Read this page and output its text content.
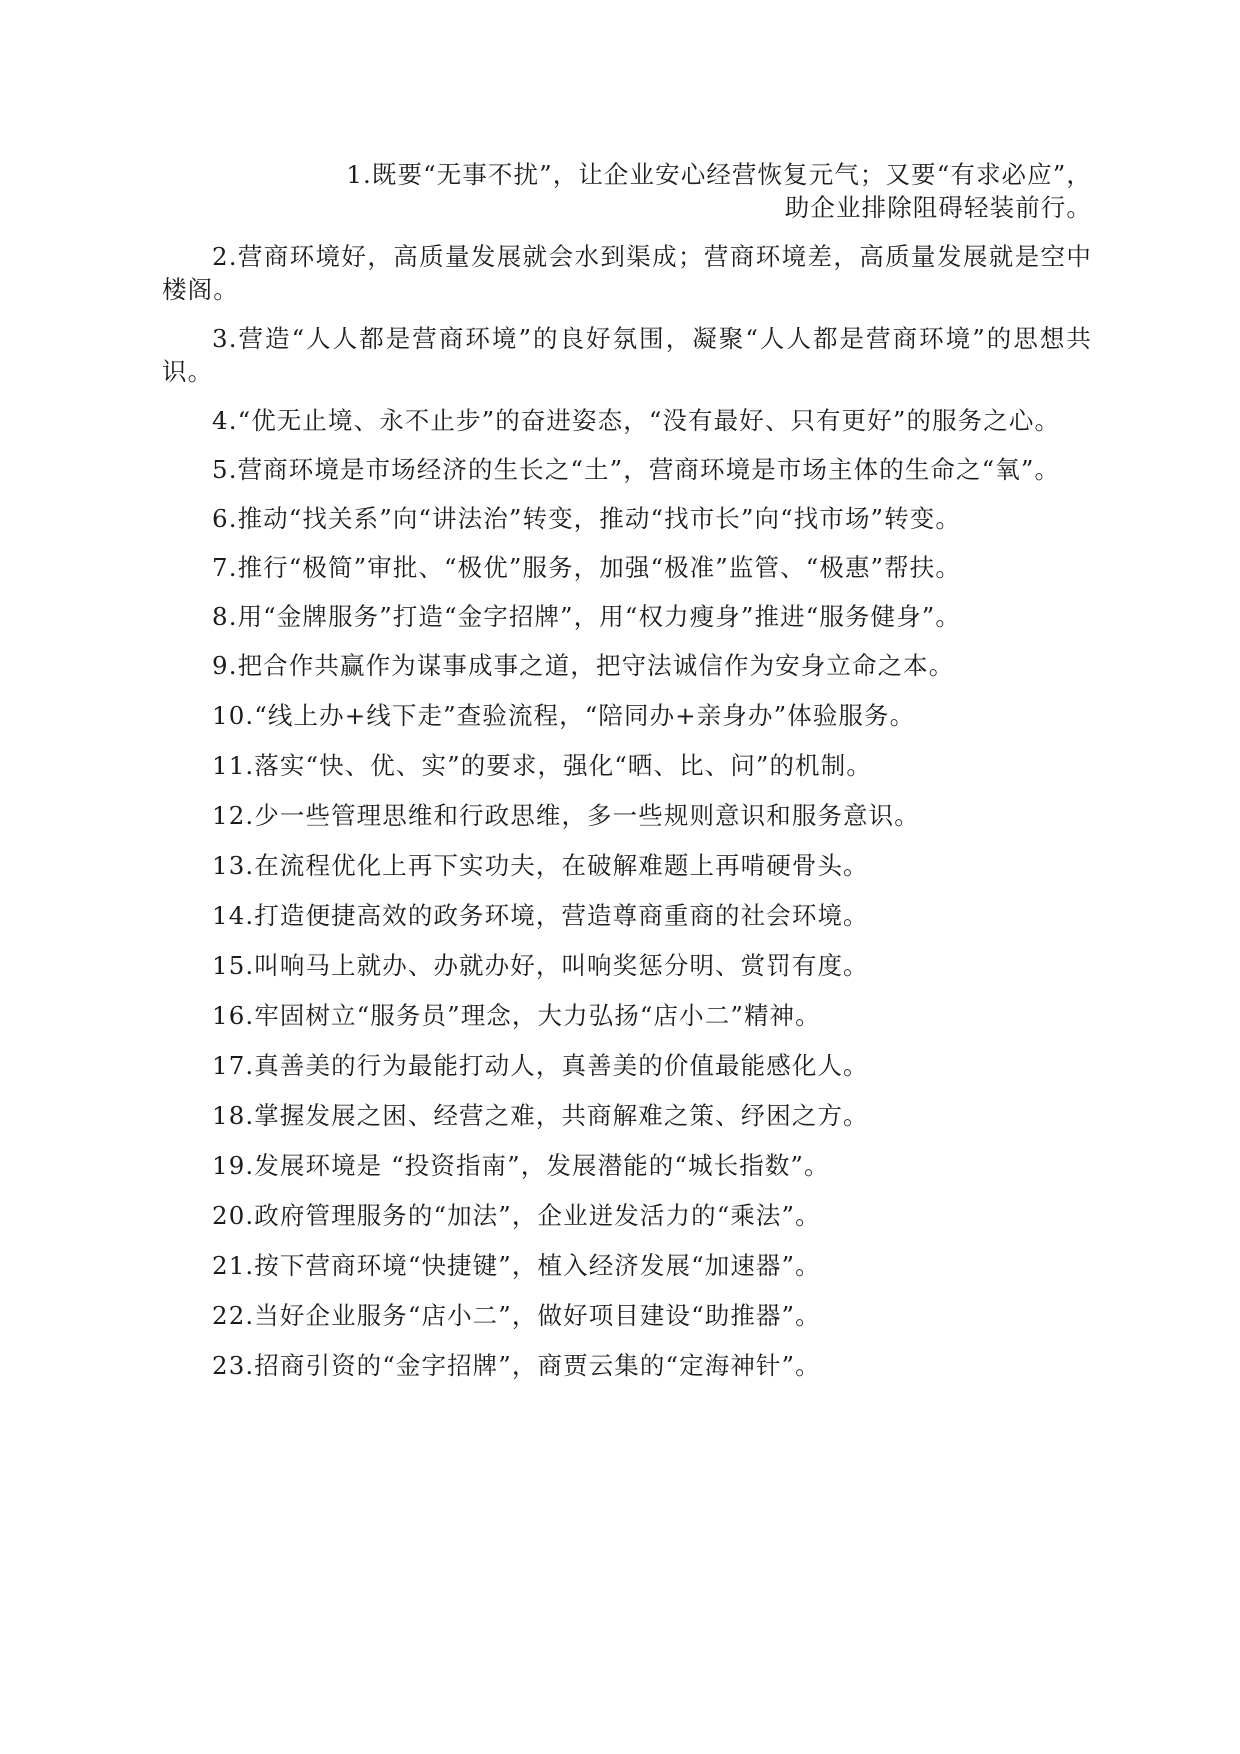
1.既要“无事不扰”，让企业安心经营恢复元气；又要“有求必应”，
助企业排除阻碍轻装前行。

2.营商环境好，高质量发展就会水到渠成；营商环境差，高质量发展就是空中楼阁。

3.营造“人人都是营商环境”的良好氛围，凝聚“人人都是营商环境”的思想共识。

4.“优无止境、永不止步”的奋进姿态，“没有最好、只有更好”的服务之心。

5.营商环境是市场经济的生长之“土”，营商环境是市场主体的生命之“氧”。

6.推动“找关系”向“讲法治”转变，推动“找市长”向“找市场”转变。

7.推行“极简”审批、“极优”服务，加强“极准”监管、“极惠”帮扶。

8.用“金牌服务”打造“金字招牌”，用“权力瘦身”推进“服务健身”。

9.把合作共赢作为谋事成事之道，把守法诚信作为安身立命之本。

10.“线上办+线下走”查验流程，“陪同办+亲身办”体验服务。

11.落实“快、优、实”的要求，强化“晒、比、问”的机制。

12.少一些管理思维和行政思维，多一些规则意识和服务意识。

13.在流程优化上再下实功夫，在破解难题上再啃硬骨头。

14.打造便捷高效的政务环境，营造尊商重商的社会环境。

15.叫响马上就办、办就办好，叫响奖惩分明、赏罚有度。

16.牢固树立“服务员”理念，大力弘扬“店小二”精神。

17.真善美的行为最能打动人，真善美的价值最能感化人。

18.掌握发展之困、经营之难，共商解难之策、纾困之方。

19.发展环境是 “投资指南”，发展潜能的“城长指数”。

20.政府管理服务的“加法”，企业迸发活力的“乘法”。

21.按下营商环境“快捷键”，植入经济发展“加速器”。

22.当好企业服务“店小二”，做好项目建设“助推器”。

23.招商引资的“金字招牌”，商贾云集的“定海神针”。
